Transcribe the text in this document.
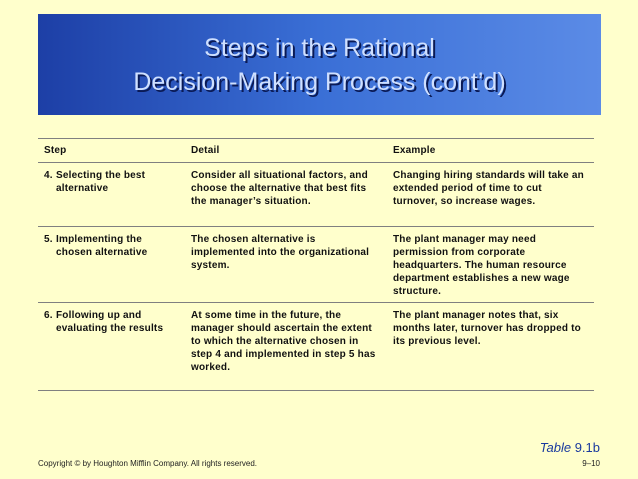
Steps in the Rational
Decision-Making Process (cont’d)
Step	Detail	Example

4. Selecting the best alternative	Consider all situational factors, and choose the alternative that best fits the manager’s situation.	Changing hiring standards will take an extended period of time to cut turnover, so increase wages.

5. Implementing the chosen alternative	The chosen alternative is implemented into the organizational system.	The plant manager may need permission from corporate headquarters. The human resource department establishes a new wage structure.

6. Following up and evaluating the results	At some time in the future, the manager should ascertain the extent to which the alternative chosen in step 4 and implemented in step 5 has worked.	The plant manager notes that, six months later, turnover has dropped to its previous level.
Table 9.1b
Copyright © by Houghton Mifflin Company. All rights reserved.	9–10
